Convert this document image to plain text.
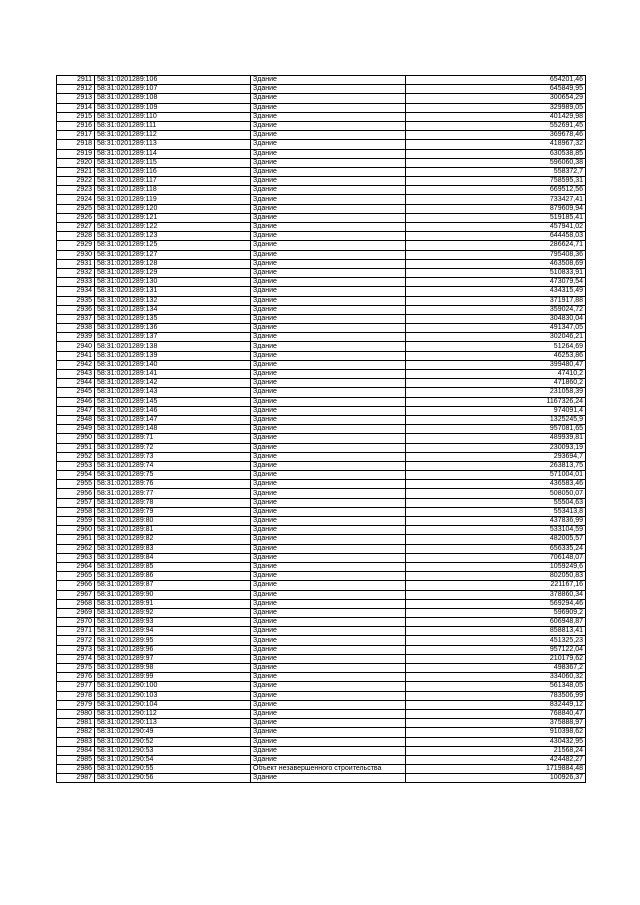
2911	58:31:0201289:106	Здание	654201,46
2912	58:31:0201289:107	Здание	645849,95
2913	58:31:0201289:108	Здание	300654,29
2914	58:31:0201289:109	Здание	329989,05
2915	58:31:0201289:110	Здание	401429,98
2916	58:31:0201289:111	Здание	552691,45
2917	58:31:0201289:112	Здание	369678,46
2918	58:31:0201289:113	Здание	418967,32
2919	58:31:0201289:114	Здание	630538,85
2920	58:31:0201289:115	Здание	596060,38
2921	58:31:0201289:116	Здание	558372,7
2922	58:31:0201289:117	Здание	758595,31
2923	58:31:0201289:118	Здание	669512,56
2924	58:31:0201289:119	Здание	733427,41
2925	58:31:0201289:120	Здание	879609,94
2926	58:31:0201289:121	Здание	519185,41
2927	58:31:0201289:122	Здание	457941,02
2928	58:31:0201289:123	Здание	644458,03
2929	58:31:0201289:125	Здание	286624,71
2930	58:31:0201289:127	Здание	795408,36
2931	58:31:0201289:128	Здание	463508,69
2932	58:31:0201289:129	Здание	510833,91
2933	58:31:0201289:130	Здание	473079,54
2934	58:31:0201289:131	Здание	434315,49
2935	58:31:0201289:132	Здание	371917,88
2936	58:31:0201289:134	Здание	359024,72
2937	58:31:0201289:135	Здание	304830,04
2938	58:31:0201289:136	Здание	491347,05
2939	58:31:0201289:137	Здание	302046,21
2940	58:31:0201289:138	Здание	51264,69
2941	58:31:0201289:139	Здание	46253,86
2942	58:31:0201289:140	Здание	399480,47
2943	58:31:0201289:141	Здание	47410,2
2944	58:31:0201289:142	Здание	471860,2
2945	58:31:0201289:143	Здание	231058,39
2946	58:31:0201289:145	Здание	1167326,24
2947	58:31:0201289:146	Здание	974091,4
2948	58:31:0201289:147	Здание	1325245,9
2949	58:31:0201289:148	Здание	957081,65
2950	58:31:0201289:71	Здание	489939,81
2951	58:31:0201289:72	Здание	230093,19
2952	58:31:0201289:73	Здание	293694,7
2953	58:31:0201289:74	Здание	263813,75
2954	58:31:0201289:75	Здание	571004,01
2955	58:31:0201289:76	Здание	436583,46
2956	58:31:0201289:77	Здание	508050,07
2957	58:31:0201289:78	Здание	55504,63
2958	58:31:0201289:79	Здание	553413,8
2959	58:31:0201289:80	Здание	437836,99
2960	58:31:0201289:81	Здание	533104,59
2961	58:31:0201289:82	Здание	482005,57
2962	58:31:0201289:83	Здание	656335,24
2963	58:31:0201289:84	Здание	706148,07
2964	58:31:0201289:85	Здание	1059249,6
2965	58:31:0201289:86	Здание	802050,83
2966	58:31:0201289:87	Здание	221167,16
2967	58:31:0201289:90	Здание	378860,34
2968	58:31:0201289:91	Здание	569294,46
2969	58:31:0201289:92	Здание	596909,2
2970	58:31:0201289:93	Здание	606948,87
2971	58:31:0201289:94	Здание	858813,41
2972	58:31:0201289:95	Здание	451325,23
2973	58:31:0201289:96	Здание	957122,04
2974	58:31:0201289:97	Здание	210179,62
2975	58:31:0201289:98	Здание	498367,2
2976	58:31:0201289:99	Здание	334060,32
2977	58:31:0201290:100	Здание	561348,05
2978	58:31:0201290:103	Здание	783506,99
2979	58:31:0201290:104	Здание	832449,12
2980	58:31:0201290:112	Здание	768840,47
2981	58:31:0201290:113	Здание	375888,97
2982	58:31:0201290:49	Здание	910398,62
2983	58:31:0201290:52	Здание	430432,95
2984	58:31:0201290:53	Здание	21568,24
2985	58:31:0201290:54	Здание	424482,27
2986	58:31:0201290:55	Объект незавершенного строительства	1719884,48
2987	58:31:0201290:56	Здание	100926,37
